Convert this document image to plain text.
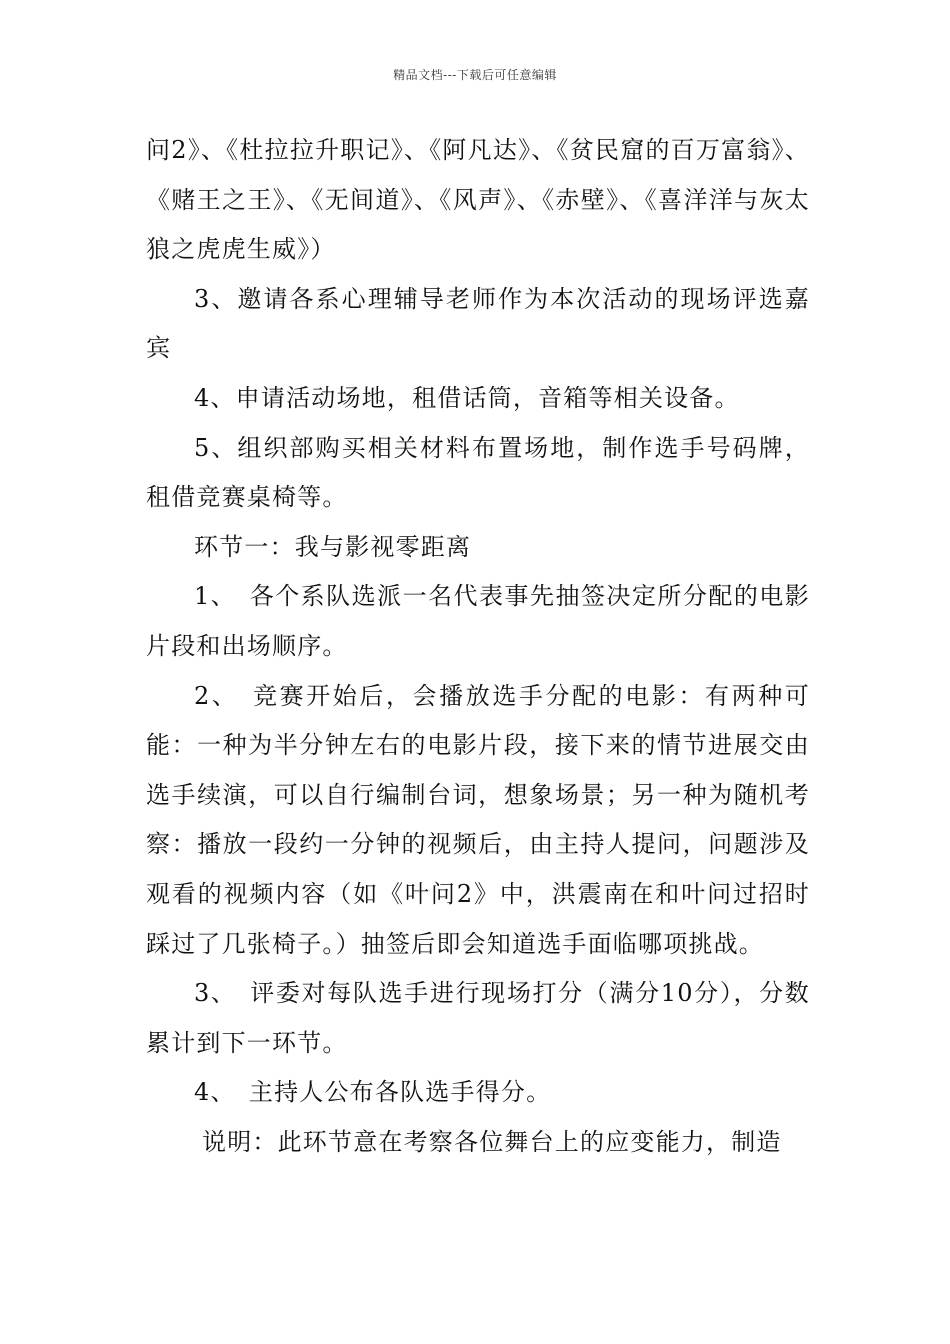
精品文档---下载后可任意编辑

问2》、《杜拉拉升职记》、《阿凡达》、《贫民窟的百万富翁》、《赌王之王》、《无间道》、《风声》、《赤壁》、《喜洋洋与灰太狼之虎虎生威》）

3、邀请各系心理辅导老师作为本次活动的现场评选嘉宾

4、申请活动场地，租借话筒，音箱等相关设备。

5、组织部购买相关材料布置场地，制作选手号码牌，租借竞赛桌椅等。

环节一：我与影视零距离

1、　各个系队选派一名代表事先抽签决定所分配的电影片段和出场顺序。

2、　竞赛开始后，会播放选手分配的电影：有两种可能：一种为半分钟左右的电影片段，接下来的情节进展交由选手续演，可以自行编制台词，想象场景；另一种为随机考察：播放一段约一分钟的视频后，由主持人提问，问题涉及观看的视频内容（如《叶问2》中，洪震南在和叶问过招时踩过了几张椅子。）抽签后即会知道选手面临哪项挑战。

3、　评委对每队选手进行现场打分（满分10分），分数累计到下一环节。

4、　主持人公布各队选手得分。

说明：此环节意在考察各位舞台上的应变能力，制造
